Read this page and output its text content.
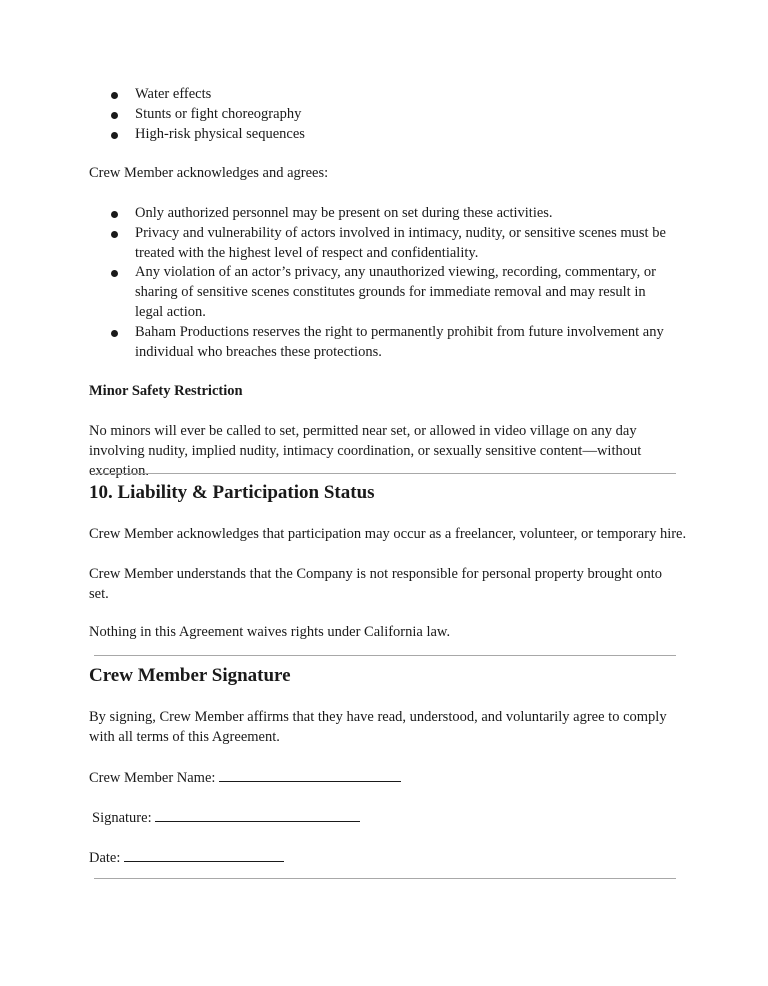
Water effects
Stunts or fight choreography
High-risk physical sequences

Crew Member acknowledges and agrees:

Only authorized personnel may be present on set during these activities.
Privacy and vulnerability of actors involved in intimacy, nudity, or sensitive scenes must be treated with the highest level of respect and confidentiality.
Any violation of an actor’s privacy, any unauthorized viewing, recording, commentary, or sharing of sensitive scenes constitutes grounds for immediate removal and may result in legal action.
Baham Productions reserves the right to permanently prohibit from future involvement any individual who breaches these protections.

Minor Safety Restriction

No minors will ever be called to set, permitted near set, or allowed in video village on any day involving nudity, implied nudity, intimacy coordination, or sexually sensitive content—without exception.

10. Liability & Participation Status

Crew Member acknowledges that participation may occur as a freelancer, volunteer, or temporary hire.

Crew Member understands that the Company is not responsible for personal property brought onto set.

Nothing in this Agreement waives rights under California law.

Crew Member Signature

By signing, Crew Member affirms that they have read, understood, and voluntarily agree to comply with all terms of this Agreement.

Crew Member Name:
Signature:
Date:
